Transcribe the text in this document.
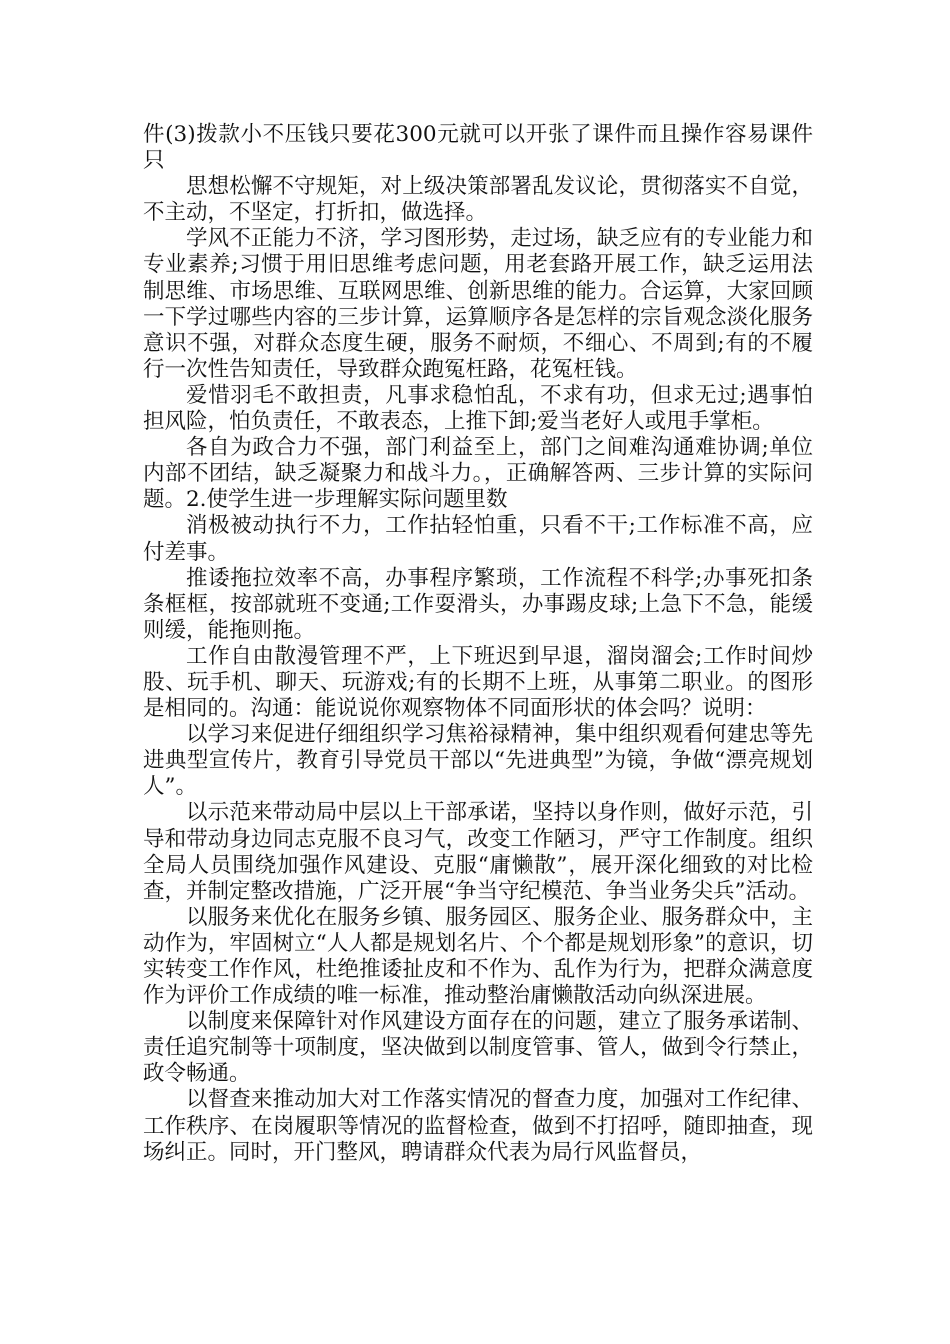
件(3)拨款小不压钱只要花300元就可以开张了课件而且操作容易课件只

思想松懈不守规矩，对上级决策部署乱发议论，贯彻落实不自觉，不主动，不坚定，打折扣，做选择。

学风不正能力不济，学习图形势，走过场，缺乏应有的专业能力和专业素养;习惯于用旧思维考虑问题，用老套路开展工作，缺乏运用法制思维、市场思维、互联网思维、创新思维的能力。合运算，大家回顾一下学过哪些内容的三步计算，运算顺序各是怎样的宗旨观念淡化服务意识不强，对群众态度生硬，服务不耐烦，不细心、不周到;有的不履行一次性告知责任，导致群众跑冤枉路，花冤枉钱。

爱惜羽毛不敢担责，凡事求稳怕乱，不求有功，但求无过;遇事怕担风险，怕负责任，不敢表态，上推下卸;爱当老好人或甩手掌柜。

各自为政合力不强，部门利益至上，部门之间难沟通难协调;单位内部不团结，缺乏凝聚力和战斗力。，正确解答两、三步计算的实际问题。2.使学生进一步理解实际问题里数

消极被动执行不力，工作拈轻怕重，只看不干;工作标准不高，应付差事。

推诿拖拉效率不高，办事程序繁琐，工作流程不科学;办事死扣条条框框，按部就班不变通;工作耍滑头，办事踢皮球;上急下不急，能缓则缓，能拖则拖。

工作自由散漫管理不严，上下班迟到早退，溜岗溜会;工作时间炒股、玩手机、聊天、玩游戏;有的长期不上班，从事第二职业。的图形是相同的。沟通：能说说你观察物体不同面形状的体会吗？说明：

以学习来促进仔细组织学习焦裕禄精神，集中组织观看何建忠等先进典型宣传片，教育引导党员干部以“先进典型”为镜，争做“漂亮规划人”。

以示范来带动局中层以上干部承诺，坚持以身作则，做好示范，引导和带动身边同志克服不良习气，改变工作陋习，严守工作制度。组织全局人员围绕加强作风建设、克服“庸懒散”，展开深化细致的对比检查，并制定整改措施，广泛开展“争当守纪模范、争当业务尖兵”活动。

以服务来优化在服务乡镇、服务园区、服务企业、服务群众中，主动作为，牢固树立“人人都是规划名片、个个都是规划形象”的意识，切实转变工作作风，杜绝推诿扯皮和不作为、乱作为行为，把群众满意度作为评价工作成绩的唯一标准，推动整治庸懒散活动向纵深进展。

以制度来保障针对作风建设方面存在的问题，建立了服务承诺制、责任追究制等十项制度，坚决做到以制度管事、管人，做到令行禁止，政令畅通。

以督查来推动加大对工作落实情况的督查力度，加强对工作纪律、工作秩序、在岗履职等情况的监督检查，做到不打招呼，随即抽查，现场纠正。同时，开门整风，聘请群众代表为局行风监督员，
